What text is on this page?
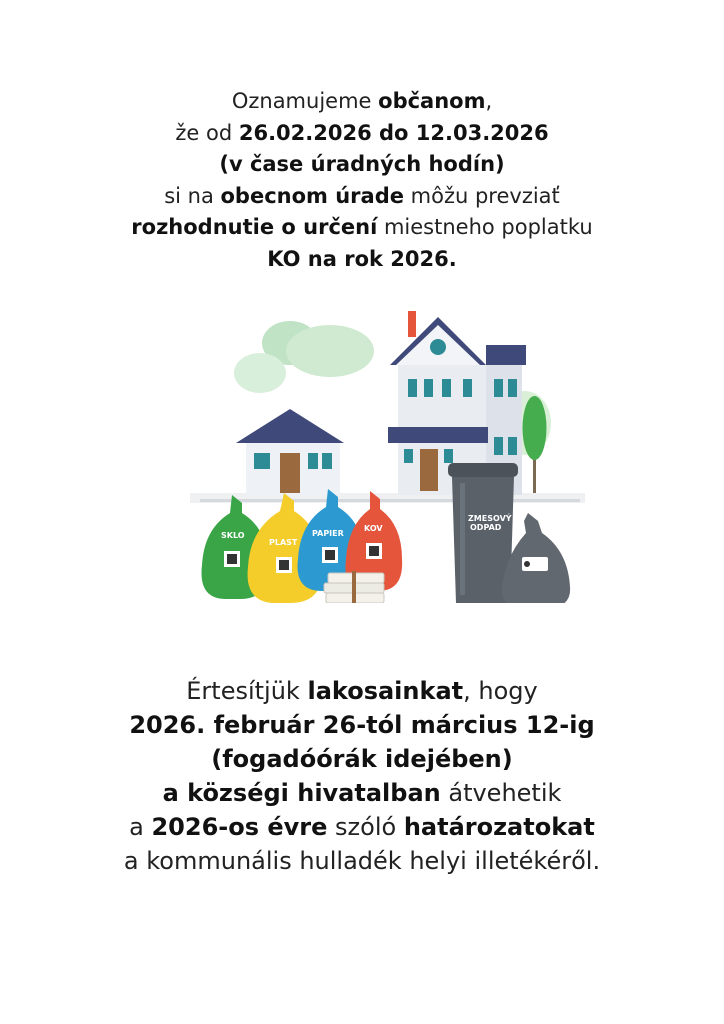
Oznamujeme občanom,
že od 26.02.2026 do 12.03.2026
(v čase úradných hodín)
si na obecnom úrade môžu prevziať
rozhodnutie o určení miestneho poplatku
KO na rok 2026.
ZMESOVÝ
ODPAD
SKLO
PLAST
PAPIER
KOV
Értesítjük lakosainkat, hogy
2026. február 26-tól március 12-ig
(fogadóórák idejében)
a községi hivatalban átvehetik
a 2026-os évre szóló határozatokat
a kommunális hulladék helyi illetékéről.
